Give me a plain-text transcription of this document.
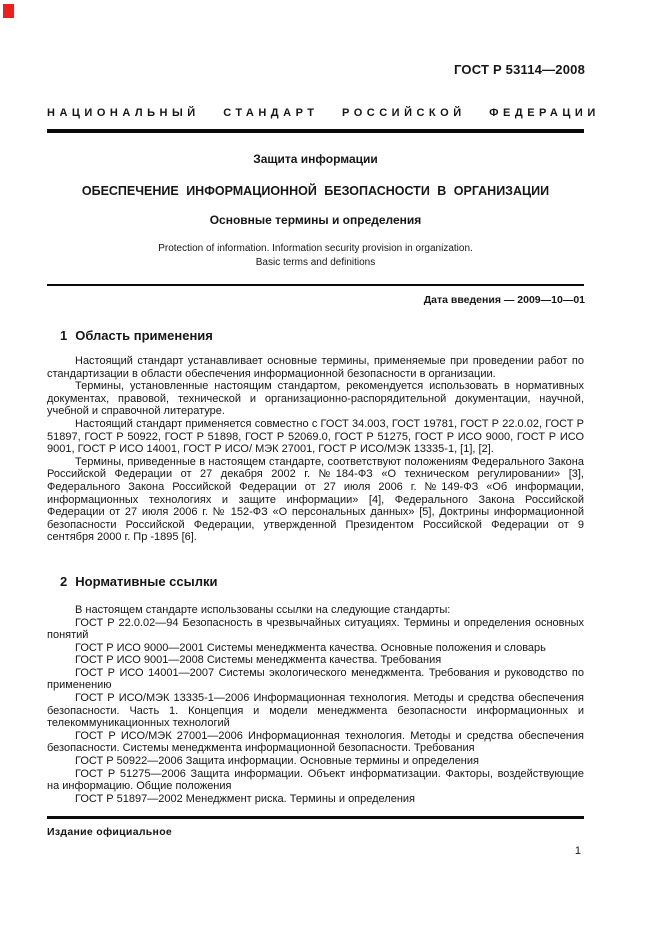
ГОСТ Р 53114—2008
НАЦИОНАЛЬНЫЙ СТАНДАРТ РОССИЙСКОЙ ФЕДЕРАЦИИ
Защита информации
ОБЕСПЕЧЕНИЕ ИНФОРМАЦИОННОЙ БЕЗОПАСНОСТИ В ОРГАНИЗАЦИИ
Основные термины и определения
Protection of information. Information security provision in organization.
Basic terms and definitions
Дата введения — 2009—10—01
1 Область применения

Настоящий стандарт устанавливает основные термины, применяемые при проведении работ по стандартизации в области обеспечения информационной безопасности в организации.

Термины, установленные настоящим стандартом, рекомендуется использовать в нормативных документах, правовой, технической и организационно-распорядительной документации, научной, учебной и справочной литературе.

Настоящий стандарт применяется совместно с ГОСТ 34.003, ГОСТ 19781, ГОСТ Р 22.0.02, ГОСТ Р 51897, ГОСТ Р 50922, ГОСТ Р 51898, ГОСТ Р 52069.0, ГОСТ Р 51275, ГОСТ Р ИСО 9000, ГОСТ Р ИСО 9001, ГОСТ Р ИСО 14001, ГОСТ Р ИСО/ МЭК 27001, ГОСТ Р ИСО/МЭК 13335-1, [1], [2].

Термины, приведенные в настоящем стандарте, соответствуют положениям Федерального Закона Российской Федерации от 27 декабря 2002 г. №184-ФЗ «О техническом регулировании» [3], Федерального Закона Российской Федерации от 27 июля 2006 г. №149-ФЗ «Об информации, информационных технологиях и защите информации» [4], Федерального Закона Российской Федерации от 27 июля 2006 г. № 152-ФЗ «О персональных данных» [5], Доктрины информационной безопасности Российской Федерации, утвержденной Президентом Российской Федерации от 9 сентября 2000 г. Пр -1895 [6].

2 Нормативные ссылки

В настоящем стандарте использованы ссылки на следующие стандарты:

ГОСТ Р 22.0.02—94 Безопасность в чрезвычайных ситуациях. Термины и определения основных понятий

ГОСТ Р ИСО 9000—2001 Системы менеджмента качества. Основные положения и словарь

ГОСТ Р ИСО 9001—2008 Системы менеджмента качества. Требования

ГОСТ Р ИСО 14001—2007 Системы экологического менеджмента. Требования и руководство по применению

ГОСТ Р ИСО/МЭК 13335-1—2006 Информационная технология. Методы и средства обеспечения безопасности. Часть 1. Концепция и модели менеджмента безопасности информационных и телекоммуникационных технологий

ГОСТ Р ИСО/МЭК 27001—2006 Информационная технология. Методы и средства обеспечения безопасности. Системы менеджмента информационной безопасности. Требования

ГОСТ Р 50922—2006 Защита информации. Основные термины и определения

ГОСТ Р 51275—2006 Защита информации. Объект информатизации. Факторы, воздействующие на информацию. Общие положения

ГОСТ Р 51897—2002 Менеджмент риска. Термины и определения

Издание официальное
1
